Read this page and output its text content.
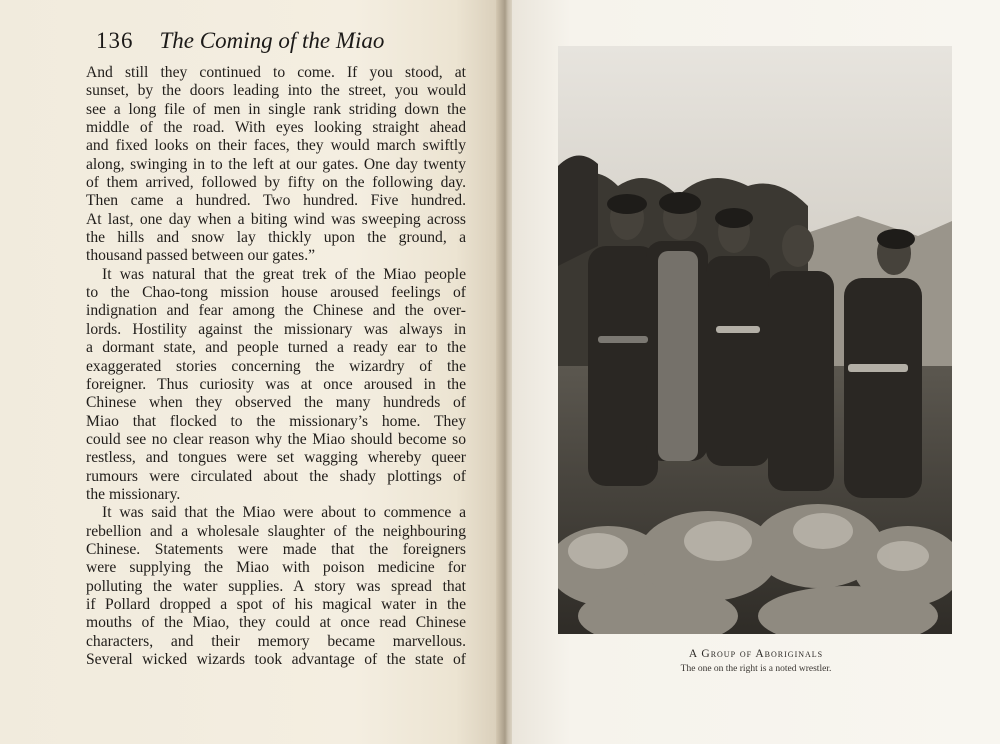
136 The Coming of the Miao
And still they continued to come. If you stood, at
sunset, by the doors leading into the street, you would
see a long file of men in single rank striding down the
middle of the road. With eyes looking straight ahead
and fixed looks on their faces, they would march swiftly
along, swinging in to the left at our gates. One day twenty
of them arrived, followed by fifty on the following day.
Then came a hundred. Two hundred. Five hundred.
At last, one day when a biting wind was sweeping across
the hills and snow lay thickly upon the ground, a
thousand passed between our gates.”
It was natural that the great trek of the Miao people
to the Chao-tong mission house aroused feelings of
indignation and fear among the Chinese and the over-
lords. Hostility against the missionary was always in
a dormant state, and people turned a ready ear to the
exaggerated stories concerning the wizardry of the
foreigner. Thus curiosity was at once aroused in the
Chinese when they observed the many hundreds of
Miao that flocked to the missionary’s home. They
could see no clear reason why the Miao should become so
restless, and tongues were set wagging whereby queer
rumours were circulated about the shady plottings of
the missionary.
It was said that the Miao were about to commence a
rebellion and a wholesale slaughter of the neighbouring
Chinese. Statements were made that the foreigners
were supplying the Miao with poison medicine for
polluting the water supplies. A story was spread that
if Pollard dropped a spot of his magical water in the
mouths of the Miao, they could at once read Chinese
characters, and their memory became marvellous.
Several wicked wizards took advantage of the state of	A Group of Aboriginals
The one on the right is a noted wrestler.
